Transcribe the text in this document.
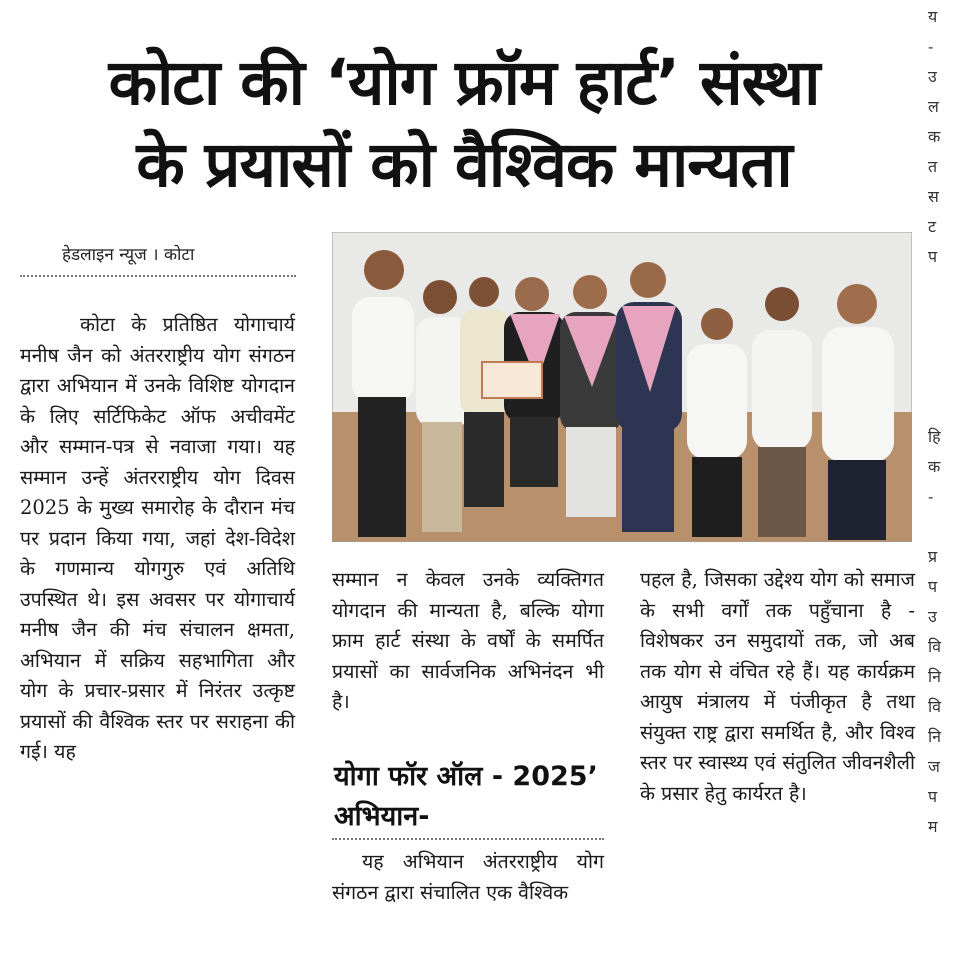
कोटा की ‘योग फ्रॉम हार्ट’ संस्था
के प्रयासों को वैश्विक मान्यता
हेडलाइन न्यूज । कोटा

कोटा के प्रतिष्ठित योगाचार्य मनीष जैन को अंतरराष्ट्रीय योग संगठन द्वारा अभियान में उनके विशिष्ट योगदान के लिए सर्टिफिकेट ऑफ अचीवमेंट और सम्मान-पत्र से नवाजा गया। यह सम्मान उन्हें अंतरराष्ट्रीय योग दिवस 2025 के मुख्य समारोह के दौरान मंच पर प्रदान किया गया, जहां देश-विदेश के गणमान्य योगगुरु एवं अतिथि उपस्थित थे। इस अवसर पर योगाचार्य मनीष जैन की मंच संचालन क्षमता, अभियान में सक्रिय सहभागिता और योग के प्रचार-प्रसार में निरंतर उत्कृष्ट प्रयासों की वैश्विक स्तर पर सराहना की गई। यह

सम्मान न केवल उनके व्यक्तिगत योगदान की मान्यता है, बल्कि योगा फ्राम हार्ट संस्था के वर्षों के समर्पित प्रयासों का सार्वजनिक अभिनंदन भी है।

योगा फॉर ऑल - 2025’ अभियान-

यह अभियान अंतरराष्ट्रीय योग संगठन द्वारा संचालित एक वैश्विक

पहल है, जिसका उद्देश्य योग को समाज के सभी वर्गों तक पहुँचाना है - विशेषकर उन समुदायों तक, जो अब तक योग से वंचित रहे हैं। यह कार्यक्रम आयुष मंत्रालय में पंजीकृत है तथा संयुक्त राष्ट्र द्वारा समर्थित है, और विश्व स्तर पर स्वास्थ्य एवं संतुलित जीवनशैली के प्रसार हेतु कार्यरत है।

य
-
उ
ल
क
त
स
ट
प
हि
क
-
प्र
प
उ
वि
नि
वि
नि
ज
प
म
